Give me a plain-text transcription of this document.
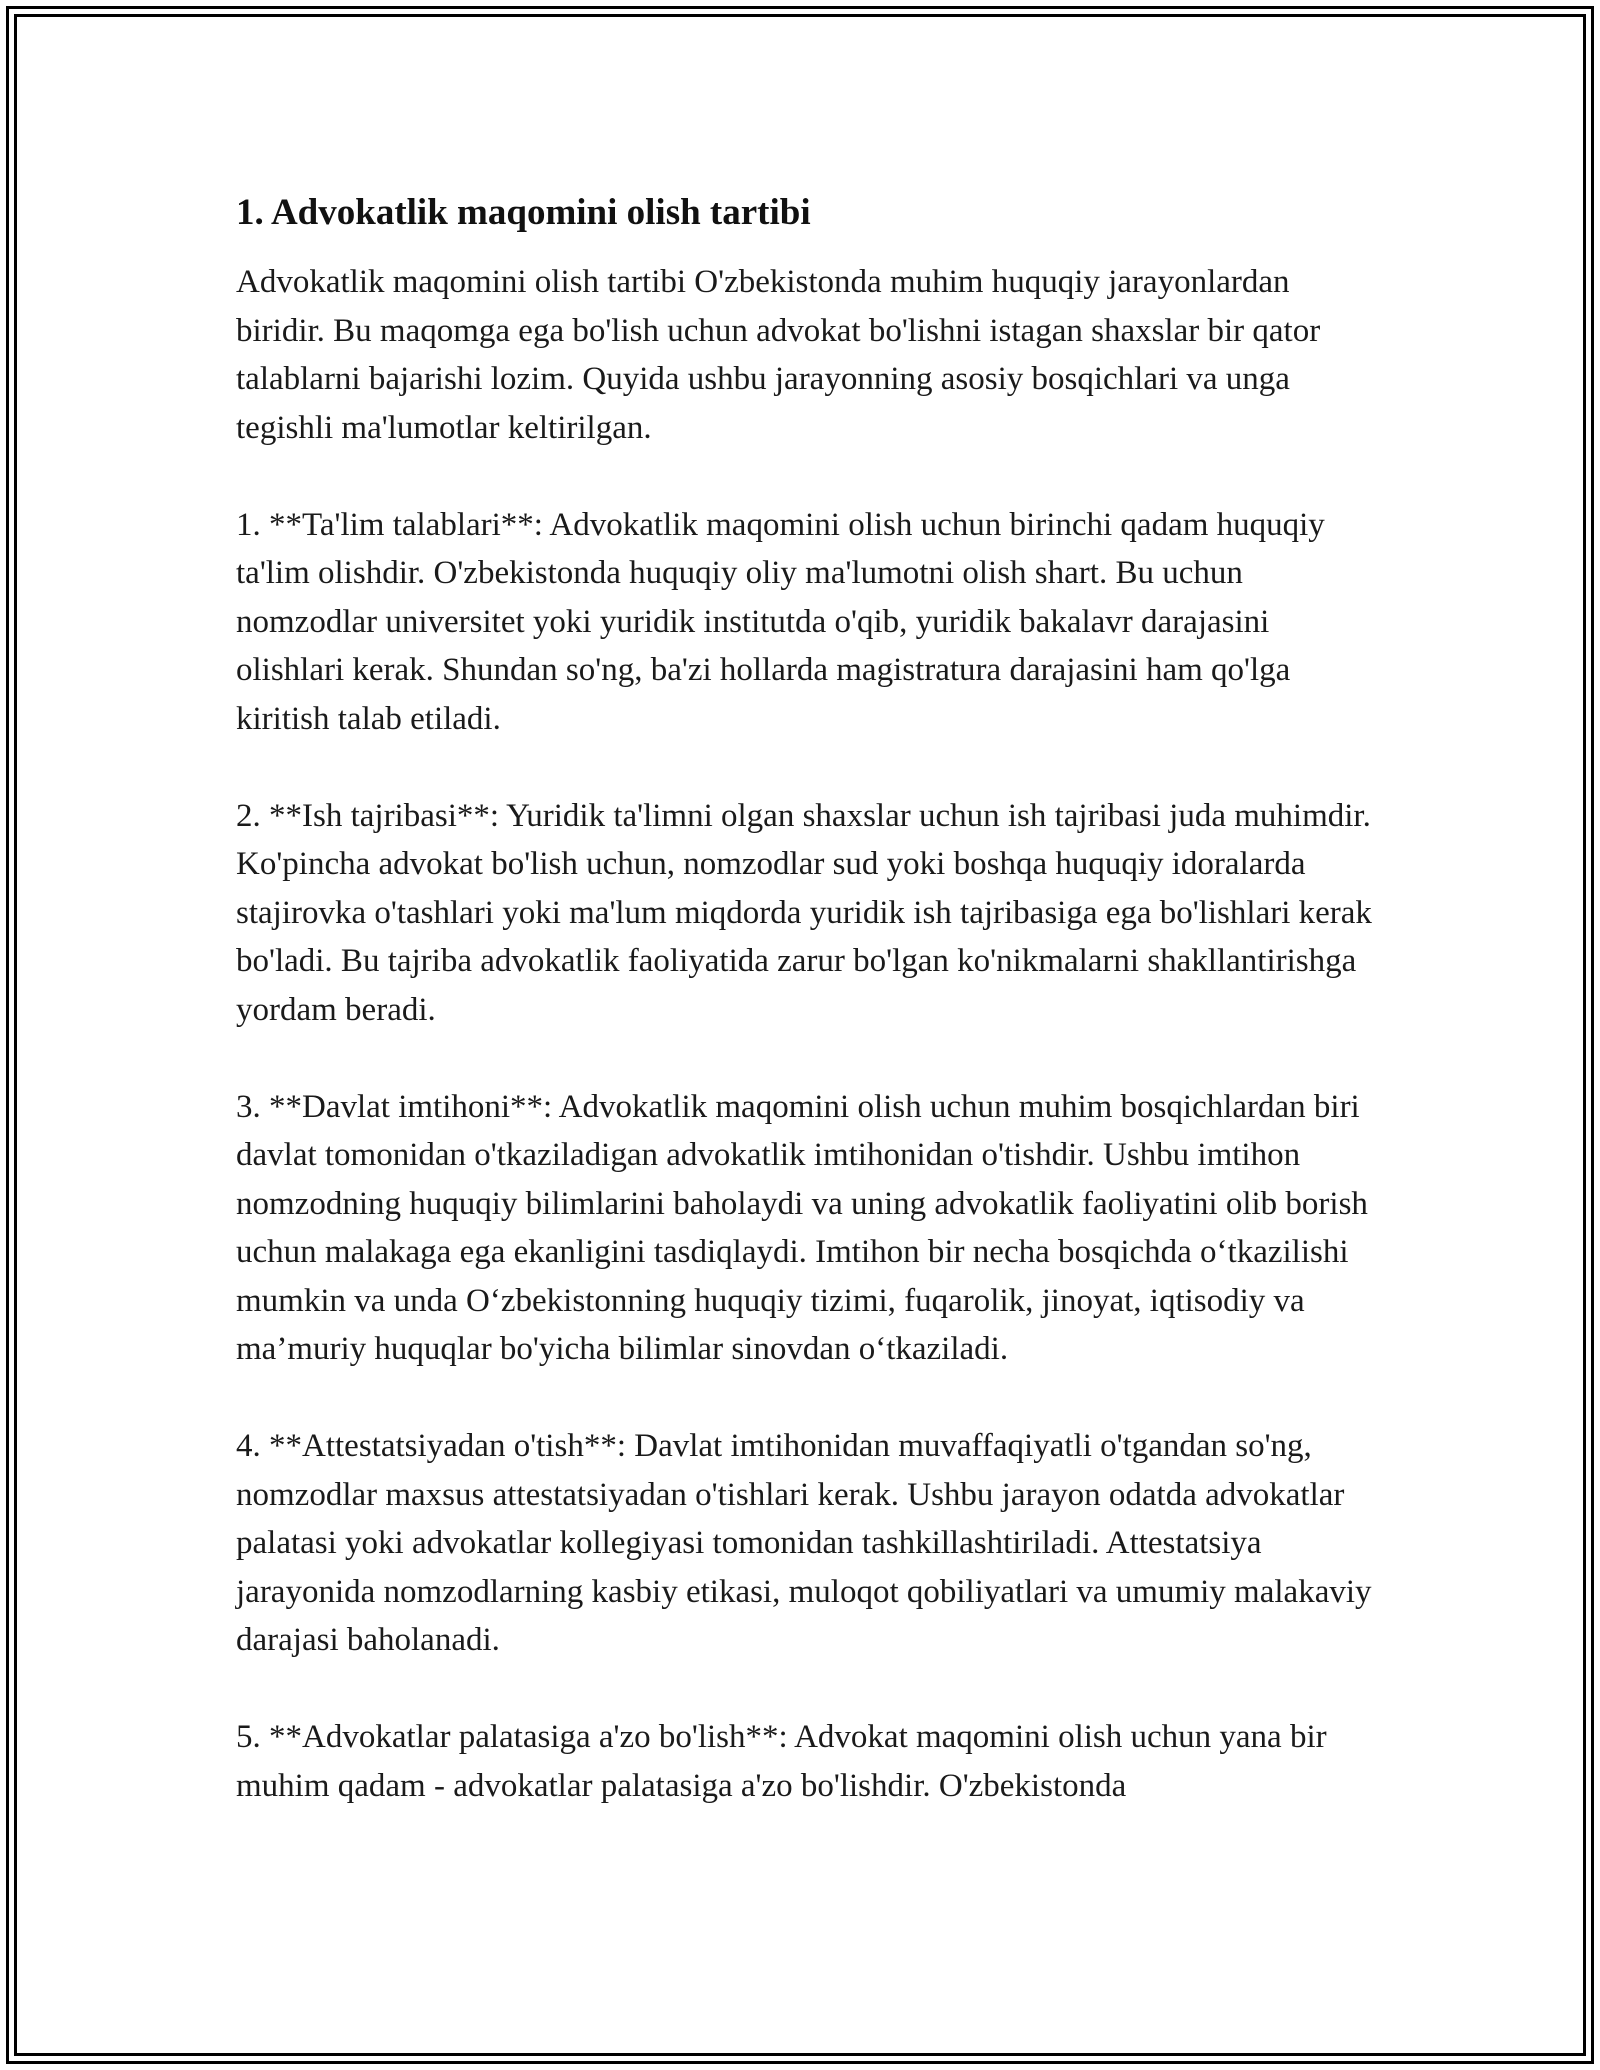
1. Advokatlik maqomini olish tartibi

Advokatlik maqomini olish tartibi O'zbekistonda muhim huquqiy jarayonlardan biridir. Bu maqomga ega bo'lish uchun advokat bo'lishni istagan shaxslar bir qator talablarni bajarishi lozim. Quyida ushbu jarayonning asosiy bosqichlari va unga tegishli ma'lumotlar keltirilgan.

1. **Ta'lim talablari**: Advokatlik maqomini olish uchun birinchi qadam huquqiy ta'lim olishdir. O'zbekistonda huquqiy oliy ma'lumotni olish shart. Bu uchun nomzodlar universitet yoki yuridik institutda o'qib, yuridik bakalavr darajasini olishlari kerak. Shundan so'ng, ba'zi hollarda magistratura darajasini ham qo'lga kiritish talab etiladi.

2. **Ish tajribasi**: Yuridik ta'limni olgan shaxslar uchun ish tajribasi juda muhimdir. Ko'pincha advokat bo'lish uchun, nomzodlar sud yoki boshqa huquqiy idoralarda stajirovka o'tashlari yoki ma'lum miqdorda yuridik ish tajribasiga ega bo'lishlari kerak bo'ladi. Bu tajriba advokatlik faoliyatida zarur bo'lgan ko'nikmalarni shakllantirishga yordam beradi.

3. **Davlat imtihoni**: Advokatlik maqomini olish uchun muhim bosqichlardan biri davlat tomonidan o'tkaziladigan advokatlik imtihonidan o'tishdir. Ushbu imtihon nomzodning huquqiy bilimlarini baholaydi va uning advokatlik faoliyatini olib borish uchun malakaga ega ekanligini tasdiqlaydi. Imtihon bir necha bosqichda o‘tkazilishi mumkin va unda O‘zbekistonning huquqiy tizimi, fuqarolik, jinoyat, iqtisodiy va ma’muriy huquqlar bo'yicha bilimlar sinovdan o‘tkaziladi.

4. **Attestatsiyadan o'tish**: Davlat imtihonidan muvaffaqiyatli o'tgandan so'ng, nomzodlar maxsus attestatsiyadan o'tishlari kerak. Ushbu jarayon odatda advokatlar palatasi yoki advokatlar kollegiyasi tomonidan tashkillashtiriladi. Attestatsiya jarayonida nomzodlarning kasbiy etikasi, muloqot qobiliyatlari va umumiy malakaviy darajasi baholanadi.

5. **Advokatlar palatasiga a'zo bo'lish**: Advokat maqomini olish uchun yana bir muhim qadam - advokatlar palatasiga a'zo bo'lishdir. O'zbekistonda
